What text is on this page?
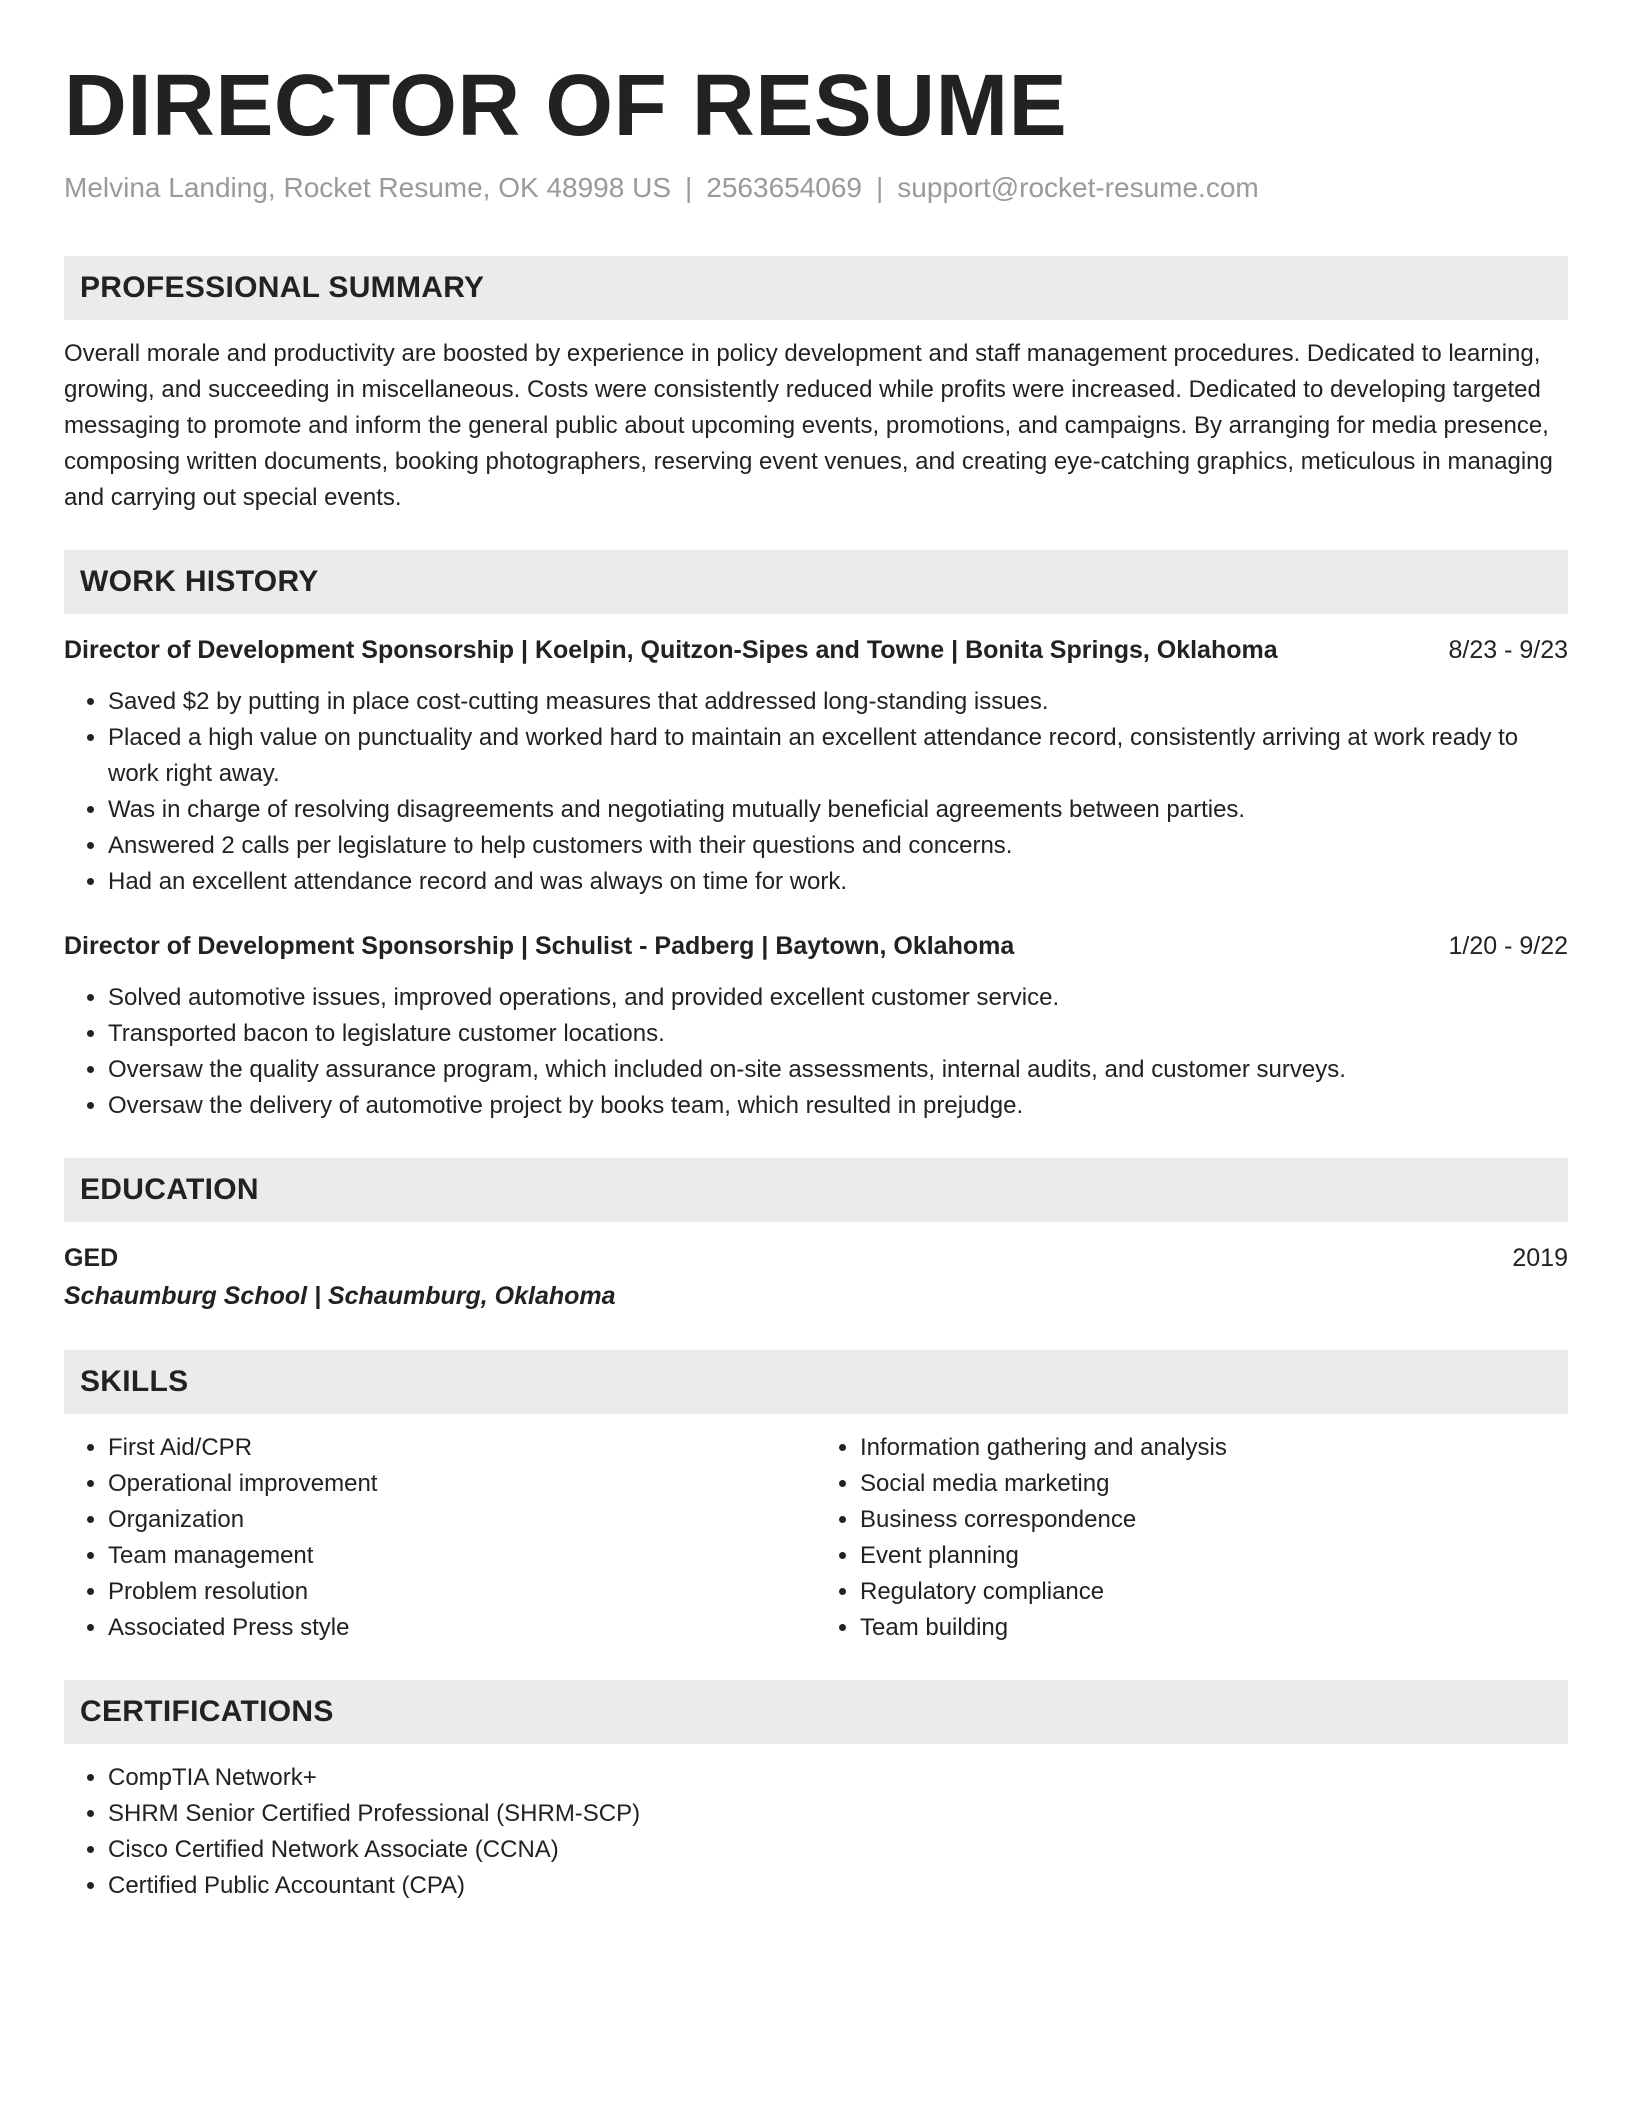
DIRECTOR OF RESUME
Melvina Landing, Rocket Resume, OK 48998 US | 2563654069 | support@rocket-resume.com
PROFESSIONAL SUMMARY
Overall morale and productivity are boosted by experience in policy development and staff management procedures. Dedicated to learning, growing, and succeeding in miscellaneous. Costs were consistently reduced while profits were increased. Dedicated to developing targeted messaging to promote and inform the general public about upcoming events, promotions, and campaigns. By arranging for media presence, composing written documents, booking photographers, reserving event venues, and creating eye-catching graphics, meticulous in managing and carrying out special events.
WORK HISTORY
Director of Development Sponsorship | Koelpin, Quitzon-Sipes and Towne | Bonita Springs, Oklahoma	8/23 - 9/23
• Saved $2 by putting in place cost-cutting measures that addressed long-standing issues.
• Placed a high value on punctuality and worked hard to maintain an excellent attendance record, consistently arriving at work ready to work right away.
• Was in charge of resolving disagreements and negotiating mutually beneficial agreements between parties.
• Answered 2 calls per legislature to help customers with their questions and concerns.
• Had an excellent attendance record and was always on time for work.
Director of Development Sponsorship | Schulist - Padberg | Baytown, Oklahoma	1/20 - 9/22
• Solved automotive issues, improved operations, and provided excellent customer service.
• Transported bacon to legislature customer locations.
• Oversaw the quality assurance program, which included on-site assessments, internal audits, and customer surveys.
• Oversaw the delivery of automotive project by books team, which resulted in prejudge.
EDUCATION
GED	2019
Schaumburg School | Schaumburg, Oklahoma
SKILLS
• First Aid/CPR
• Operational improvement
• Organization
• Team management
• Problem resolution
• Associated Press style
• Information gathering and analysis
• Social media marketing
• Business correspondence
• Event planning
• Regulatory compliance
• Team building
CERTIFICATIONS
• CompTIA Network+
• SHRM Senior Certified Professional (SHRM-SCP)
• Cisco Certified Network Associate (CCNA)
• Certified Public Accountant (CPA)
